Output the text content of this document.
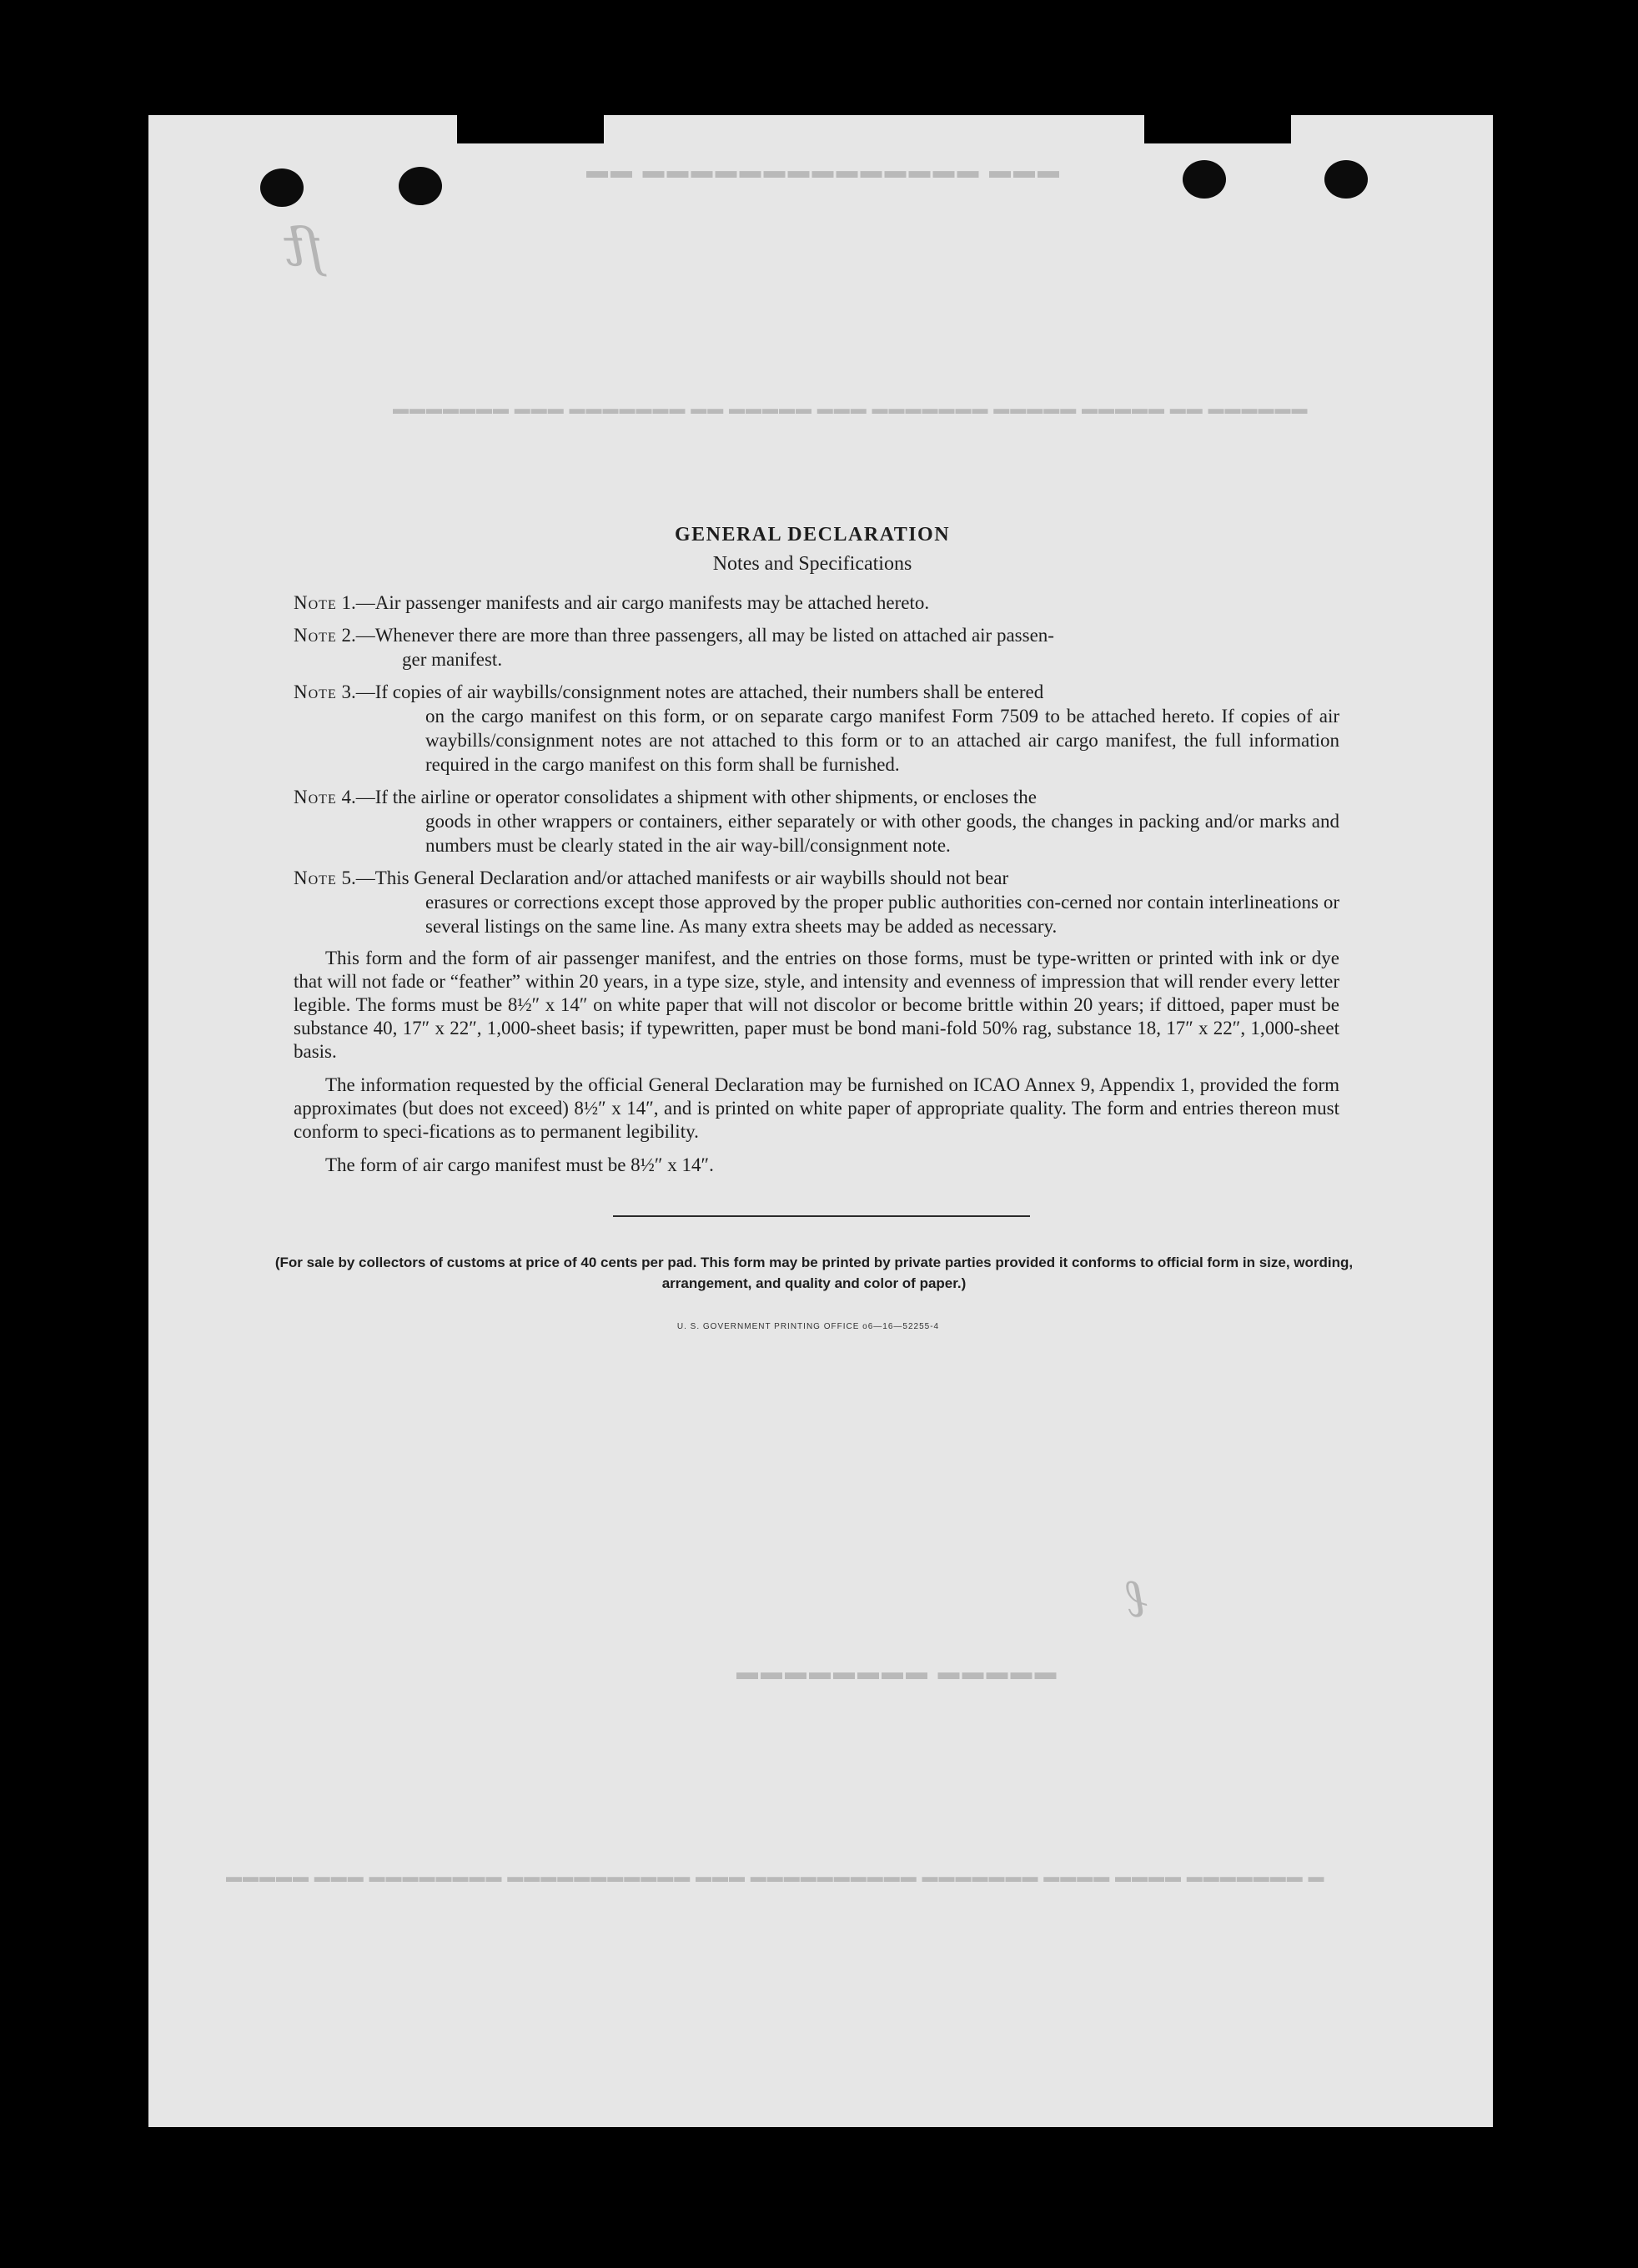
▬▬▬ ▬▬▬▬▬▬▬▬▬▬▬▬▬▬ ▬▬
▬▬▬▬▬▬ ▬▬ ▬▬▬▬▬ ▬▬▬▬▬ ▬▬▬▬▬▬▬ ▬▬▬ ▬▬▬▬▬ ▬▬ ▬▬▬▬▬▬▬ ▬▬▬ ▬▬▬▬▬▬▬
▬▬▬▬▬ ▬▬▬▬▬▬▬▬
▬ ▬▬▬▬▬▬▬ ▬▬▬▬ ▬▬▬▬ ▬▬▬▬▬▬▬ ▬▬▬▬▬▬▬▬▬▬ ▬▬▬ ▬▬▬▬▬▬▬▬▬▬▬ ▬▬▬▬▬▬▬▬ ▬▬▬ ▬▬▬▬▬
ﬅ
ℓ
GENERAL DECLARATION
Notes and Specifications
Note 1.—Air passenger manifests and air cargo manifests may be attached hereto.
Note 2.—Whenever there are more than three passengers, all may be listed on attached air passen-
ger manifest.
Note 3.—If copies of air waybills/consignment notes are attached, their numbers shall be entered
on the cargo manifest on this form, or on separate cargo manifest Form 7509 to be attached hereto. If copies of air waybills/consignment notes are not attached to this form or to an attached air cargo manifest, the full information required in the cargo manifest on this form shall be furnished.
Note 4.—If the airline or operator consolidates a shipment with other shipments, or encloses the
goods in other wrappers or containers, either separately or with other goods, the changes in packing and/or marks and numbers must be clearly stated in the air way-bill/consignment note.
Note 5.—This General Declaration and/or attached manifests or air waybills should not bear
erasures or corrections except those approved by the proper public authorities con-cerned nor contain interlineations or several listings on the same line. As many extra sheets may be added as necessary.

This form and the form of air passenger manifest, and the entries on those forms, must be type-written or printed with ink or dye that will not fade or “feather” within 20 years, in a type size, style, and intensity and evenness of impression that will render every letter legible. The forms must be 8½″ x 14″ on white paper that will not discolor or become brittle within 20 years; if dittoed, paper must be substance 40, 17″ x 22″, 1,000-sheet basis; if typewritten, paper must be bond mani-fold 50% rag, substance 18, 17″ x 22″, 1,000-sheet basis.

The information requested by the official General Declaration may be furnished on ICAO Annex 9, Appendix 1, provided the form approximates (but does not exceed) 8½″ x 14″, and is printed on white paper of appropriate quality. The form and entries thereon must conform to speci-fications as to permanent legibility.

The form of air cargo manifest must be 8½″ x 14″.

(For sale by collectors of customs at price of 40 cents per pad. This form may be printed by private parties provided it conforms to official form in size, wording, arrangement, and quality and color of paper.)
U. S. GOVERNMENT PRINTING OFFICE o6—16—52255-4
